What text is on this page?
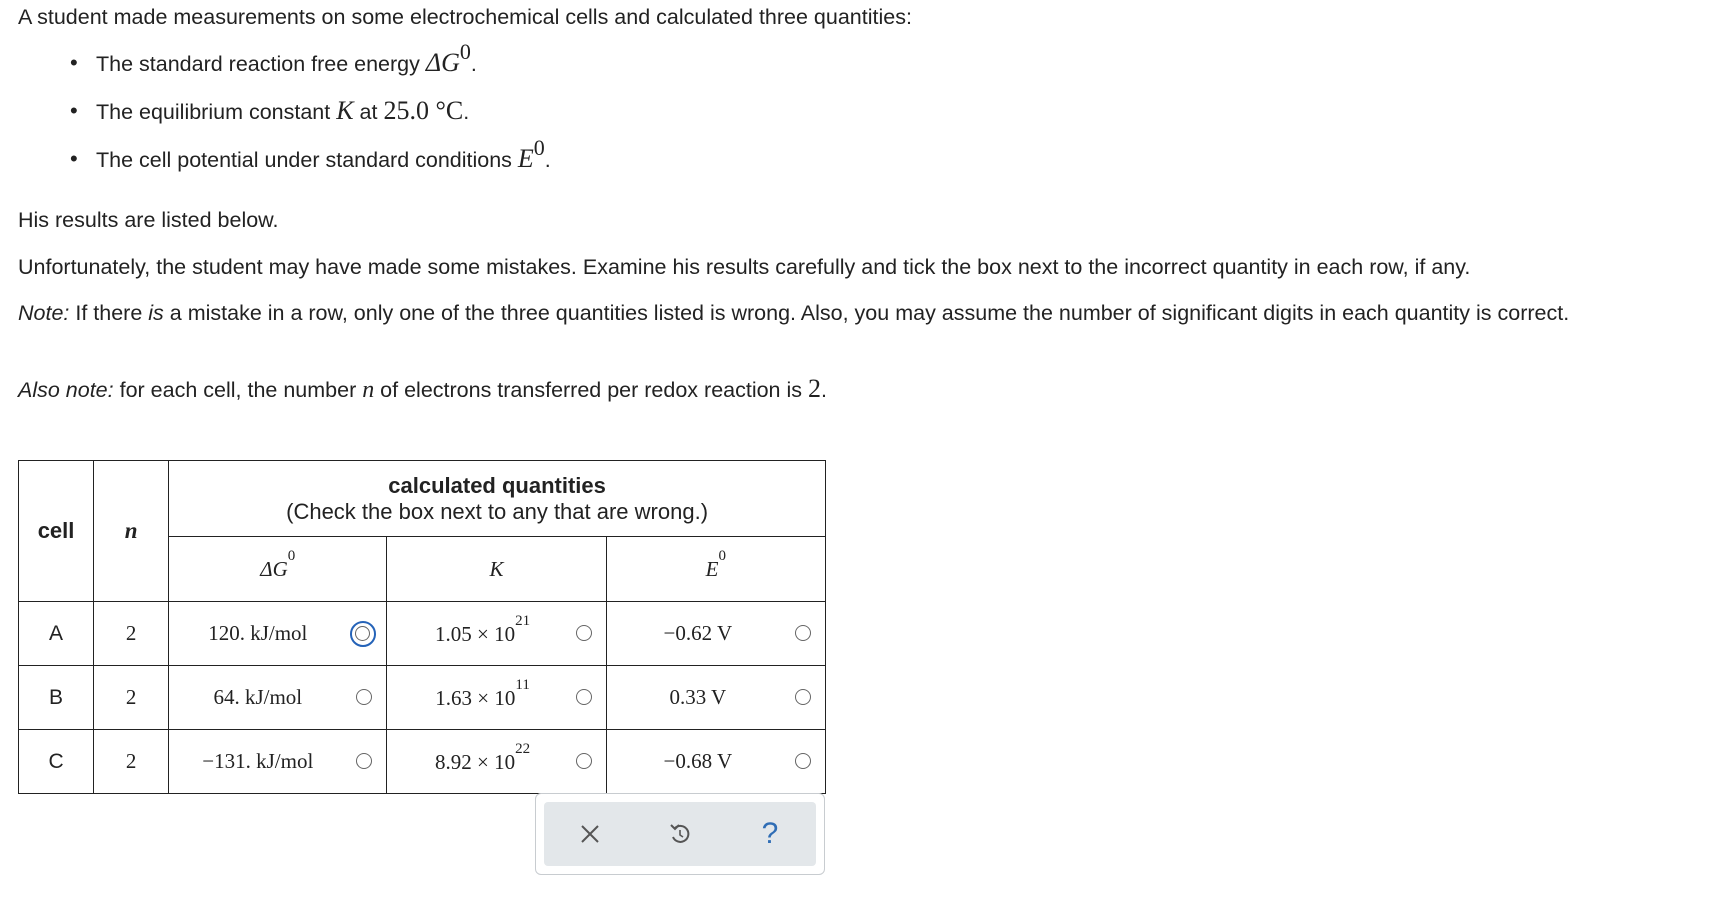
A student made measurements on some electrochemical cells and calculated three quantities:

• The standard reaction free energy $\Delta G^0$.
• The equilibrium constant K at 25.0 °C.
• The cell potential under standard conditions $E^0$.

His results are listed below.

Unfortunately, the student may have made some mistakes. Examine his results carefully and tick the box next to the incorrect quantity in each row, if any.

Note: If there is a mistake in a row, only one of the three quantities listed is wrong. Also, you may assume the number of significant digits in each quantity is correct.

Also note: for each cell, the number n of electrons transferred per redox reaction is 2.

cell	n	calculated quantities
(Check the box next to any that are wrong.)		

		$\Delta G^0$	K	$E^0$
A	2	120. kJ/mol	$1.05 \times 10^{21}$	−0.62 V

B	2	64. kJ/mol	$1.63 \times 10^{11}$	0.33 V

C	2	−131. kJ/mol	$8.92 \times 10^{22}$	−0.68 V
?
